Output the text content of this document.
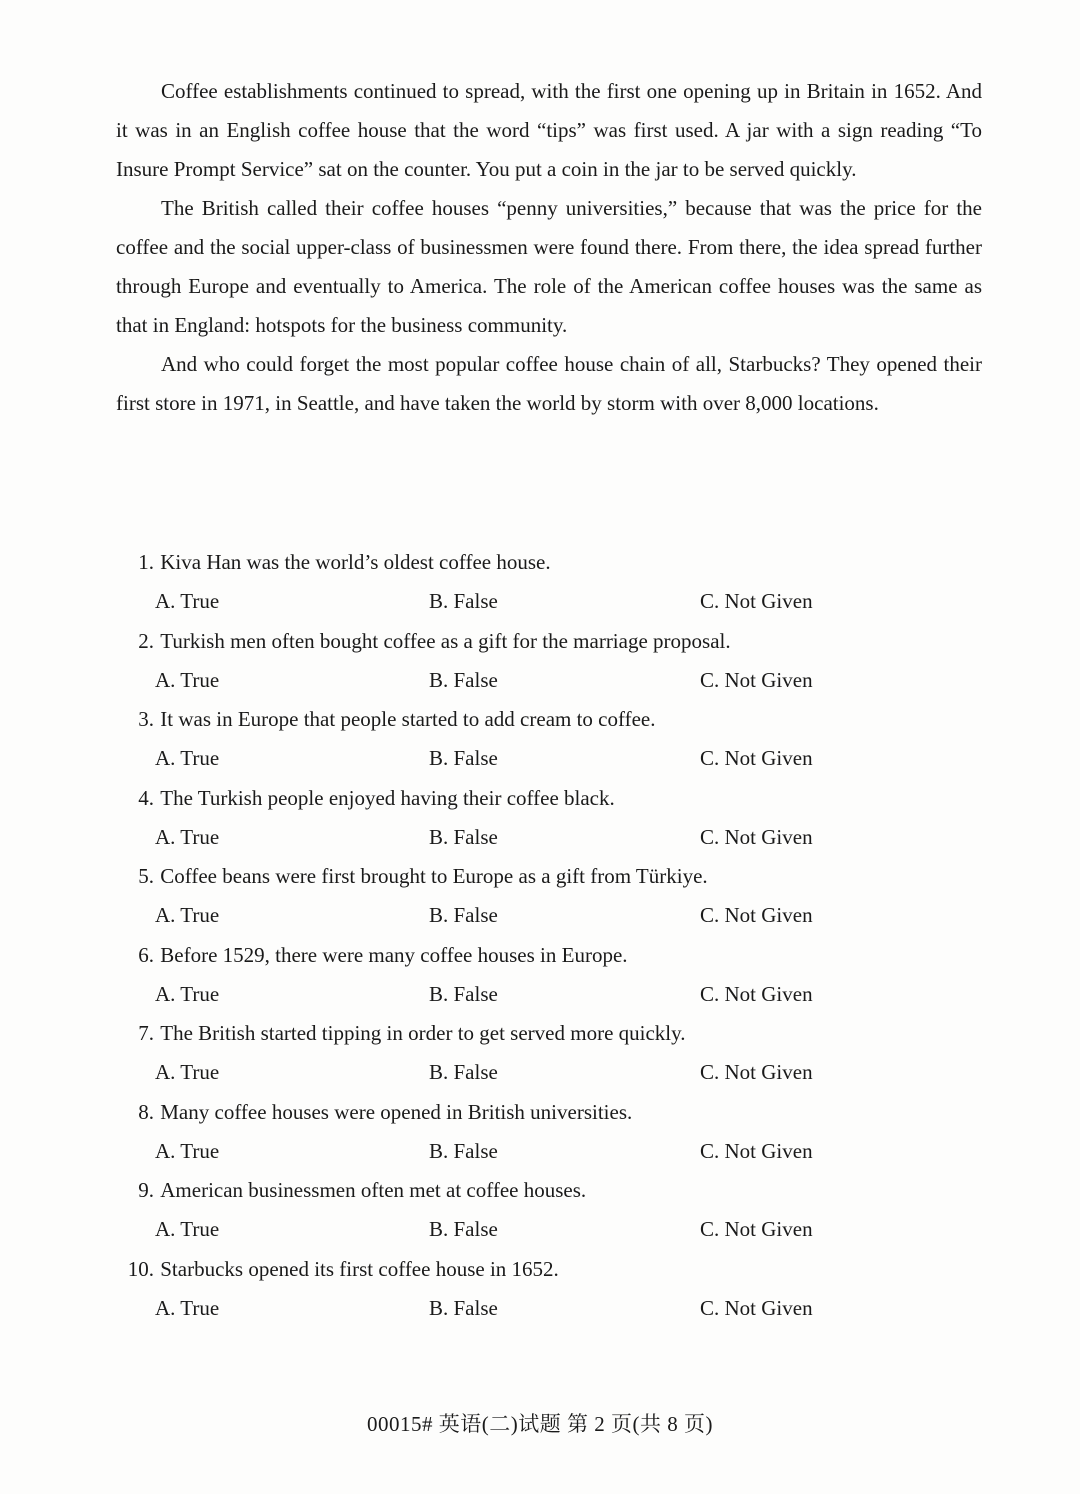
Coffee establishments continued to spread, with the first one opening up in Britain in 1652. And it was in an English coffee house that the word “tips” was first used. A jar with a sign reading “To Insure Prompt Service” sat on the counter. You put a coin in the jar to be served quickly.

The British called their coffee houses “penny universities,” because that was the price for the coffee and the social upper-class of businessmen were found there. From there, the idea spread further through Europe and eventually to America. The role of the American coffee houses was the same as that in England: hotspots for the business community.

And who could forget the most popular coffee house chain of all, Starbucks? They opened their first store in 1971, in Seattle, and have taken the world by storm with over 8,000 locations.

1. Kiva Han was the world’s oldest coffee house.
A. True	B. False	C. Not Given
2. Turkish men often bought coffee as a gift for the marriage proposal.
A. True	B. False	C. Not Given
3. It was in Europe that people started to add cream to coffee.
A. True	B. False	C. Not Given
4. The Turkish people enjoyed having their coffee black.
A. True	B. False	C. Not Given
5. Coffee beans were first brought to Europe as a gift from Türkiye.
A. True	B. False	C. Not Given
6. Before 1529, there were many coffee houses in Europe.
A. True	B. False	C. Not Given
7. The British started tipping in order to get served more quickly.
A. True	B. False	C. Not Given
8. Many coffee houses were opened in British universities.
A. True	B. False	C. Not Given
9. American businessmen often met at coffee houses.
A. True	B. False	C. Not Given
10. Starbucks opened its first coffee house in 1652.
A. True	B. False	C. Not Given
00015# 英语(二)试题 第 2 页(共 8 页)
